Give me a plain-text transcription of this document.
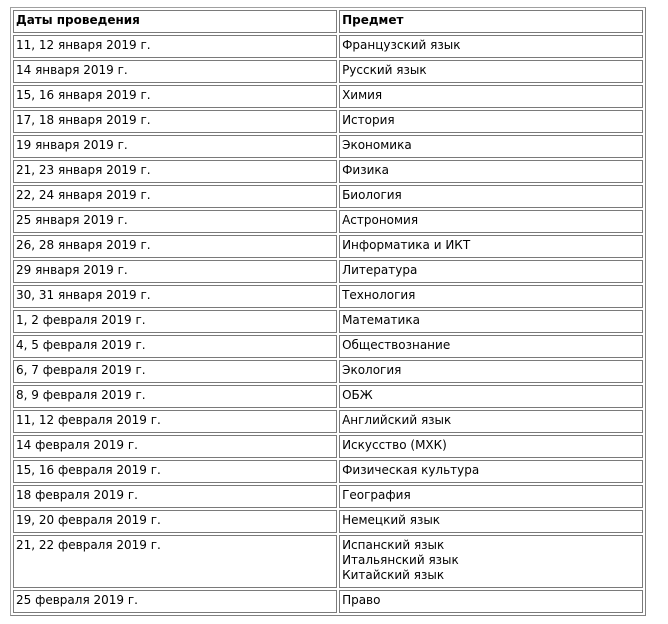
Даты проведения	Предмет
11, 12 января 2019 г.	Французский язык

14 января 2019 г.	Русский язык

15, 16 января 2019 г.	Химия

17, 18 января 2019 г.	История

19 января 2019 г.	Экономика

21, 23 января 2019 г.	Физика

22, 24 января 2019 г.	Биология

25 января 2019 г.	Астрономия

26, 28 января 2019 г.	Информатика и ИКТ

29 января 2019 г.	Литература

30, 31 января 2019 г.	Технология

1, 2 февраля 2019 г.	Математика

4, 5 февраля 2019 г.	Обществознание

6, 7 февраля 2019 г.	Экология

8, 9 февраля 2019 г.	ОБЖ

11, 12 февраля 2019 г.	Английский язык

14 февраля 2019 г.	Искусство (МХК)

15, 16 февраля 2019 г.	Физическая культура

18 февраля 2019 г.	География

19, 20 февраля 2019 г.	Немецкий язык

21, 22 февраля 2019 г.	Испанский язык
Итальянский язык
Китайский язык

25 февраля 2019 г.	Право
